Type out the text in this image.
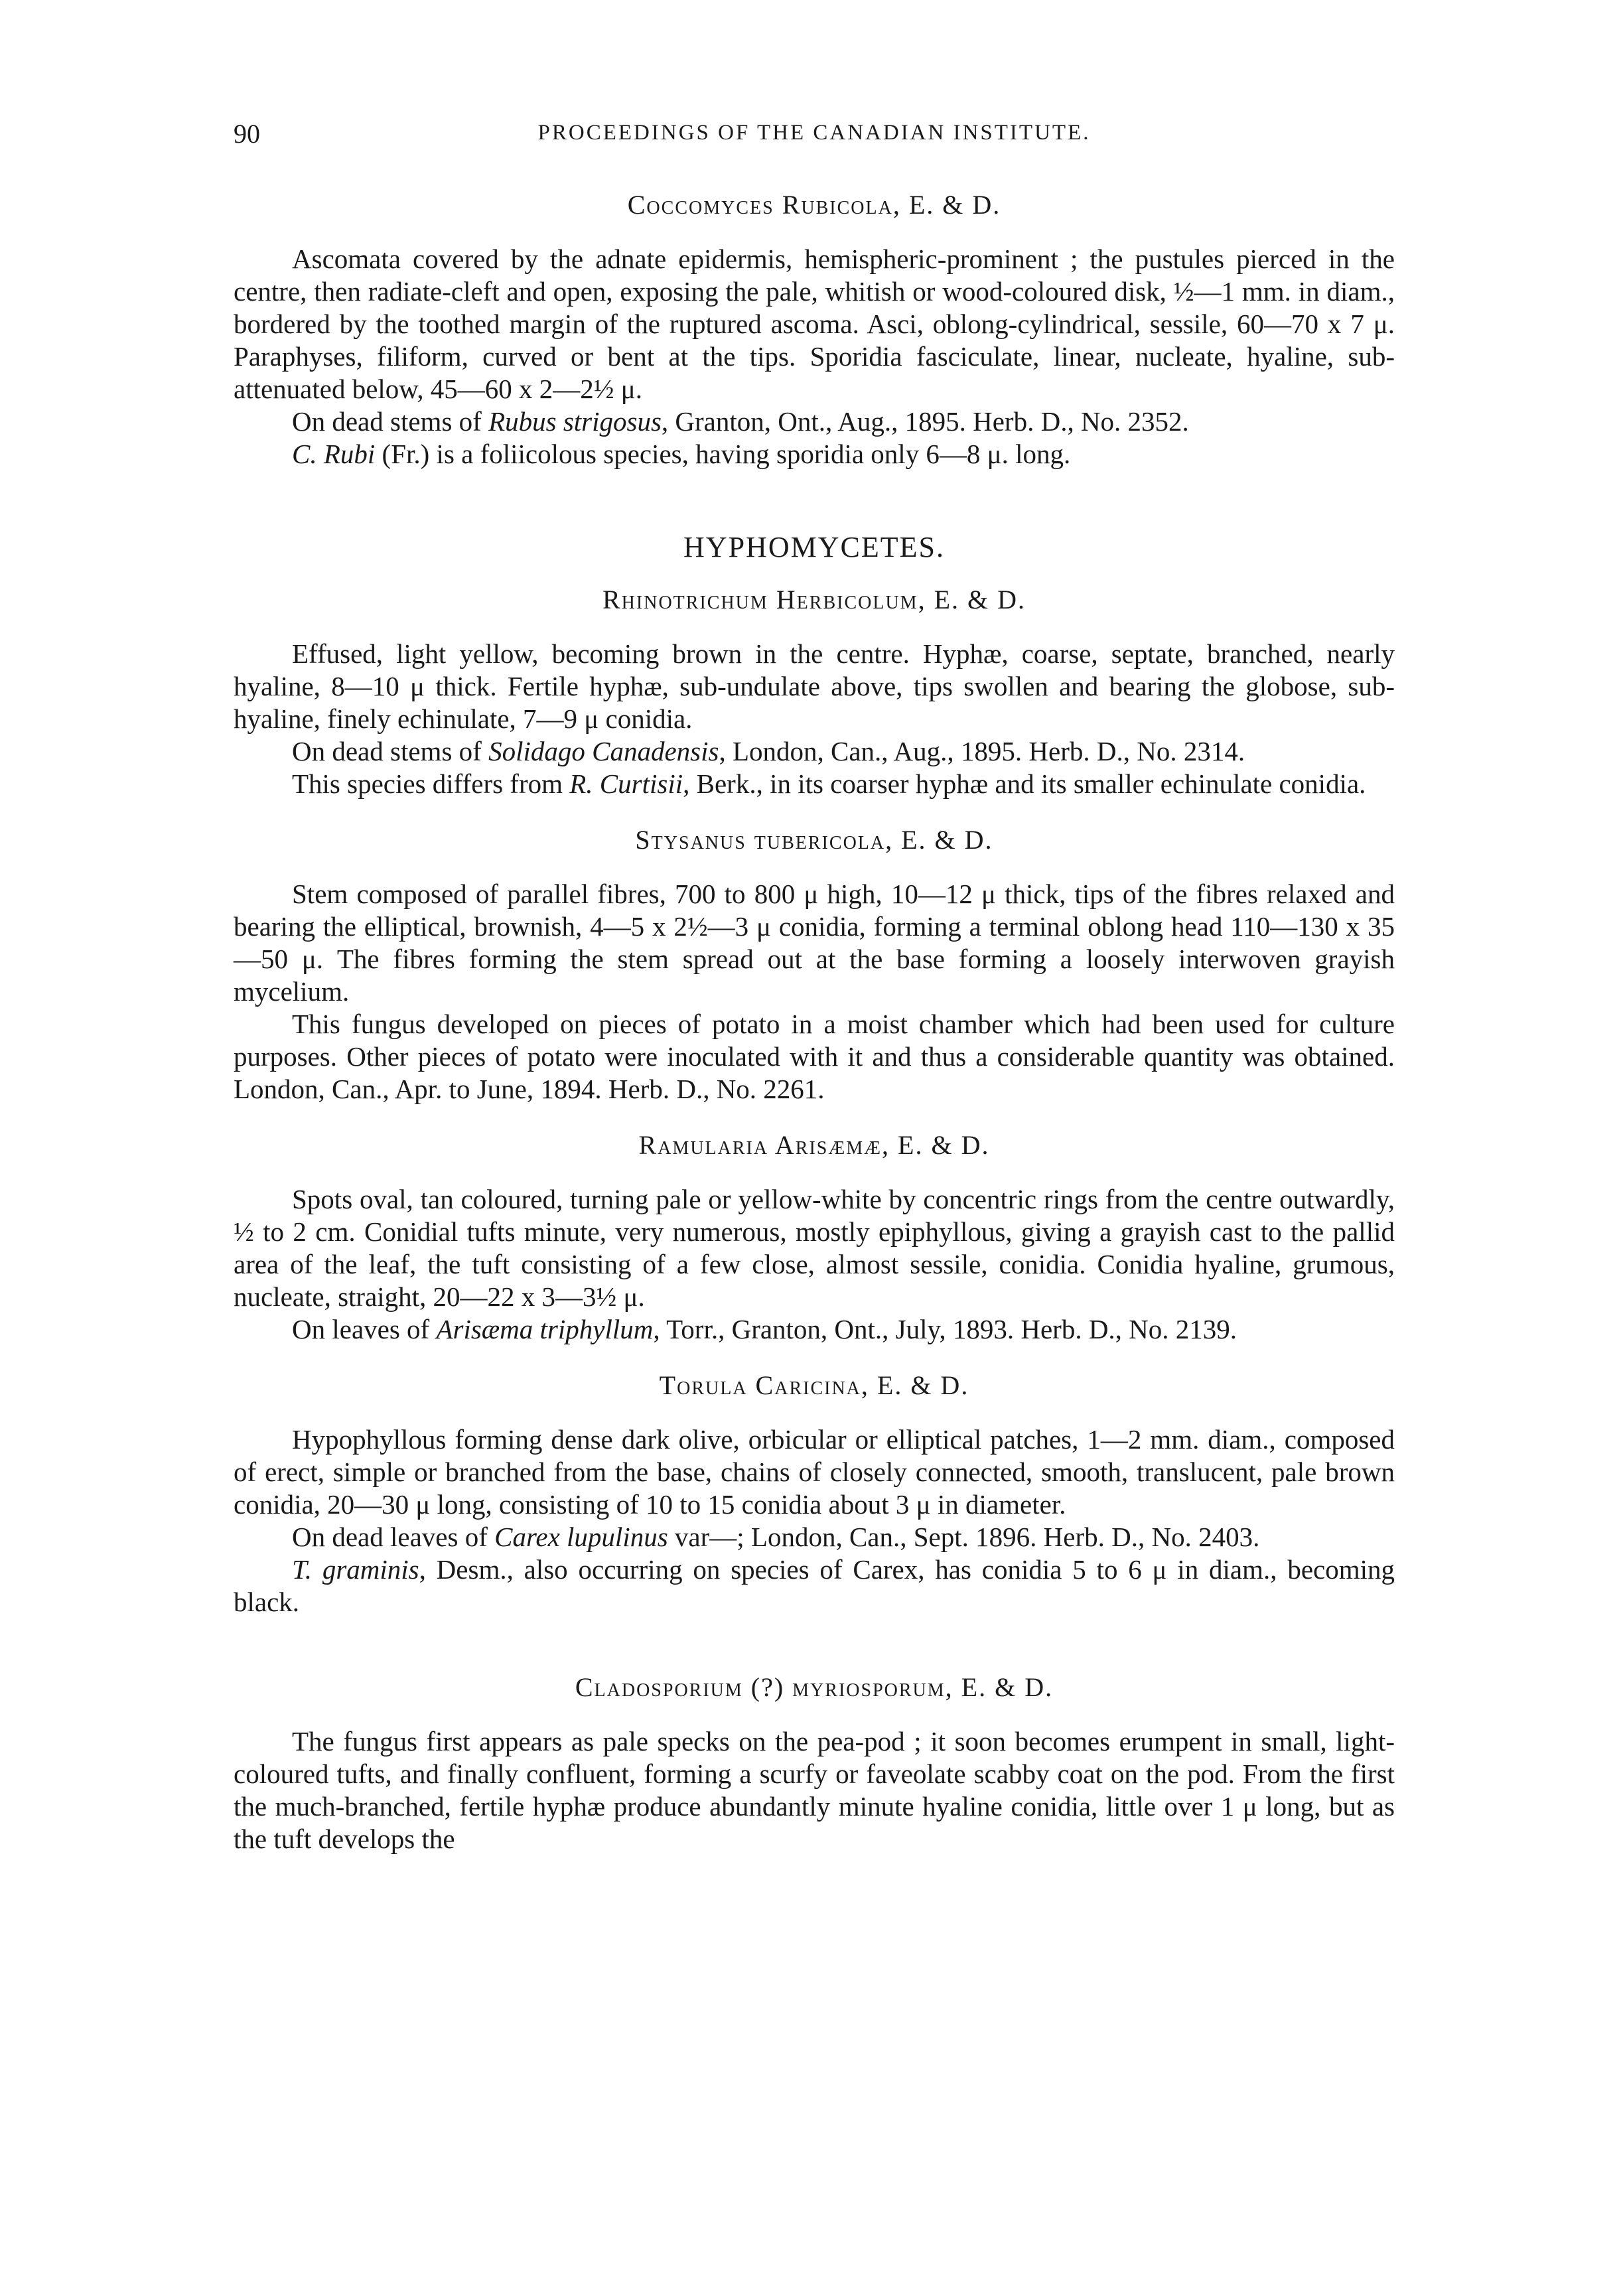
90	PROCEEDINGS OF THE CANADIAN INSTITUTE.
Coccomyces Rubicola, E. & D.

Ascomata covered by the adnate epidermis, hemispheric-prominent ; the pustules pierced in the centre, then radiate-cleft and open, exposing the pale, whitish or wood-coloured disk, ½—1 mm. in diam., bordered by the toothed margin of the ruptured ascoma. Asci, oblong-cylindrical, sessile, 60—70 x 7 μ. Paraphyses, filiform, curved or bent at the tips. Sporidia fasciculate, linear, nucleate, hyaline, sub-attenuated below, 45—60 x 2—2½ μ.

On dead stems of Rubus strigosus, Granton, Ont., Aug., 1895. Herb. D., No. 2352.

C. Rubi (Fr.) is a foliicolous species, having sporidia only 6—8 μ. long.

HYPHOMYCETES.
Rhinotrichum Herbicolum, E. & D.

Effused, light yellow, becoming brown in the centre. Hyphæ, coarse, septate, branched, nearly hyaline, 8—10 μ thick. Fertile hyphæ, sub-undulate above, tips swollen and bearing the globose, sub-hyaline, finely echinulate, 7—9 μ conidia.

On dead stems of Solidago Canadensis, London, Can., Aug., 1895. Herb. D., No. 2314.

This species differs from R. Curtisii, Berk., in its coarser hyphæ and its smaller echinulate conidia.

Stysanus tubericola, E. & D.

Stem composed of parallel fibres, 700 to 800 μ high, 10—12 μ thick, tips of the fibres relaxed and bearing the elliptical, brownish, 4—5 x 2½—3 μ conidia, forming a terminal oblong head 110—130 x 35—50 μ. The fibres forming the stem spread out at the base forming a loosely interwoven grayish mycelium.

This fungus developed on pieces of potato in a moist chamber which had been used for culture purposes. Other pieces of potato were inoculated with it and thus a considerable quantity was obtained. London, Can., Apr. to June, 1894. Herb. D., No. 2261.

Ramularia Arisæmæ, E. & D.

Spots oval, tan coloured, turning pale or yellow-white by concentric rings from the centre outwardly, ½ to 2 cm. Conidial tufts minute, very numerous, mostly epiphyllous, giving a grayish cast to the pallid area of the leaf, the tuft consisting of a few close, almost sessile, conidia. Conidia hyaline, grumous, nucleate, straight, 20—22 x 3—3½ μ.

On leaves of Arisæma triphyllum, Torr., Granton, Ont., July, 1893. Herb. D., No. 2139.

Torula Caricina, E. & D.

Hypophyllous forming dense dark olive, orbicular or elliptical patches, 1—2 mm. diam., composed of erect, simple or branched from the base, chains of closely connected, smooth, translucent, pale brown conidia, 20—30 μ long, consisting of 10 to 15 conidia about 3 μ in diameter.

On dead leaves of Carex lupulinus var—; London, Can., Sept. 1896. Herb. D., No. 2403.

T. graminis, Desm., also occurring on species of Carex, has conidia 5 to 6 μ in diam., becoming black.

Cladosporium (?) myriosporum, E. & D.

The fungus first appears as pale specks on the pea-pod ; it soon becomes erumpent in small, light-coloured tufts, and finally confluent, forming a scurfy or faveolate scabby coat on the pod. From the first the much-branched, fertile hyphæ produce abundantly minute hyaline conidia, little over 1 μ long, but as the tuft develops the
